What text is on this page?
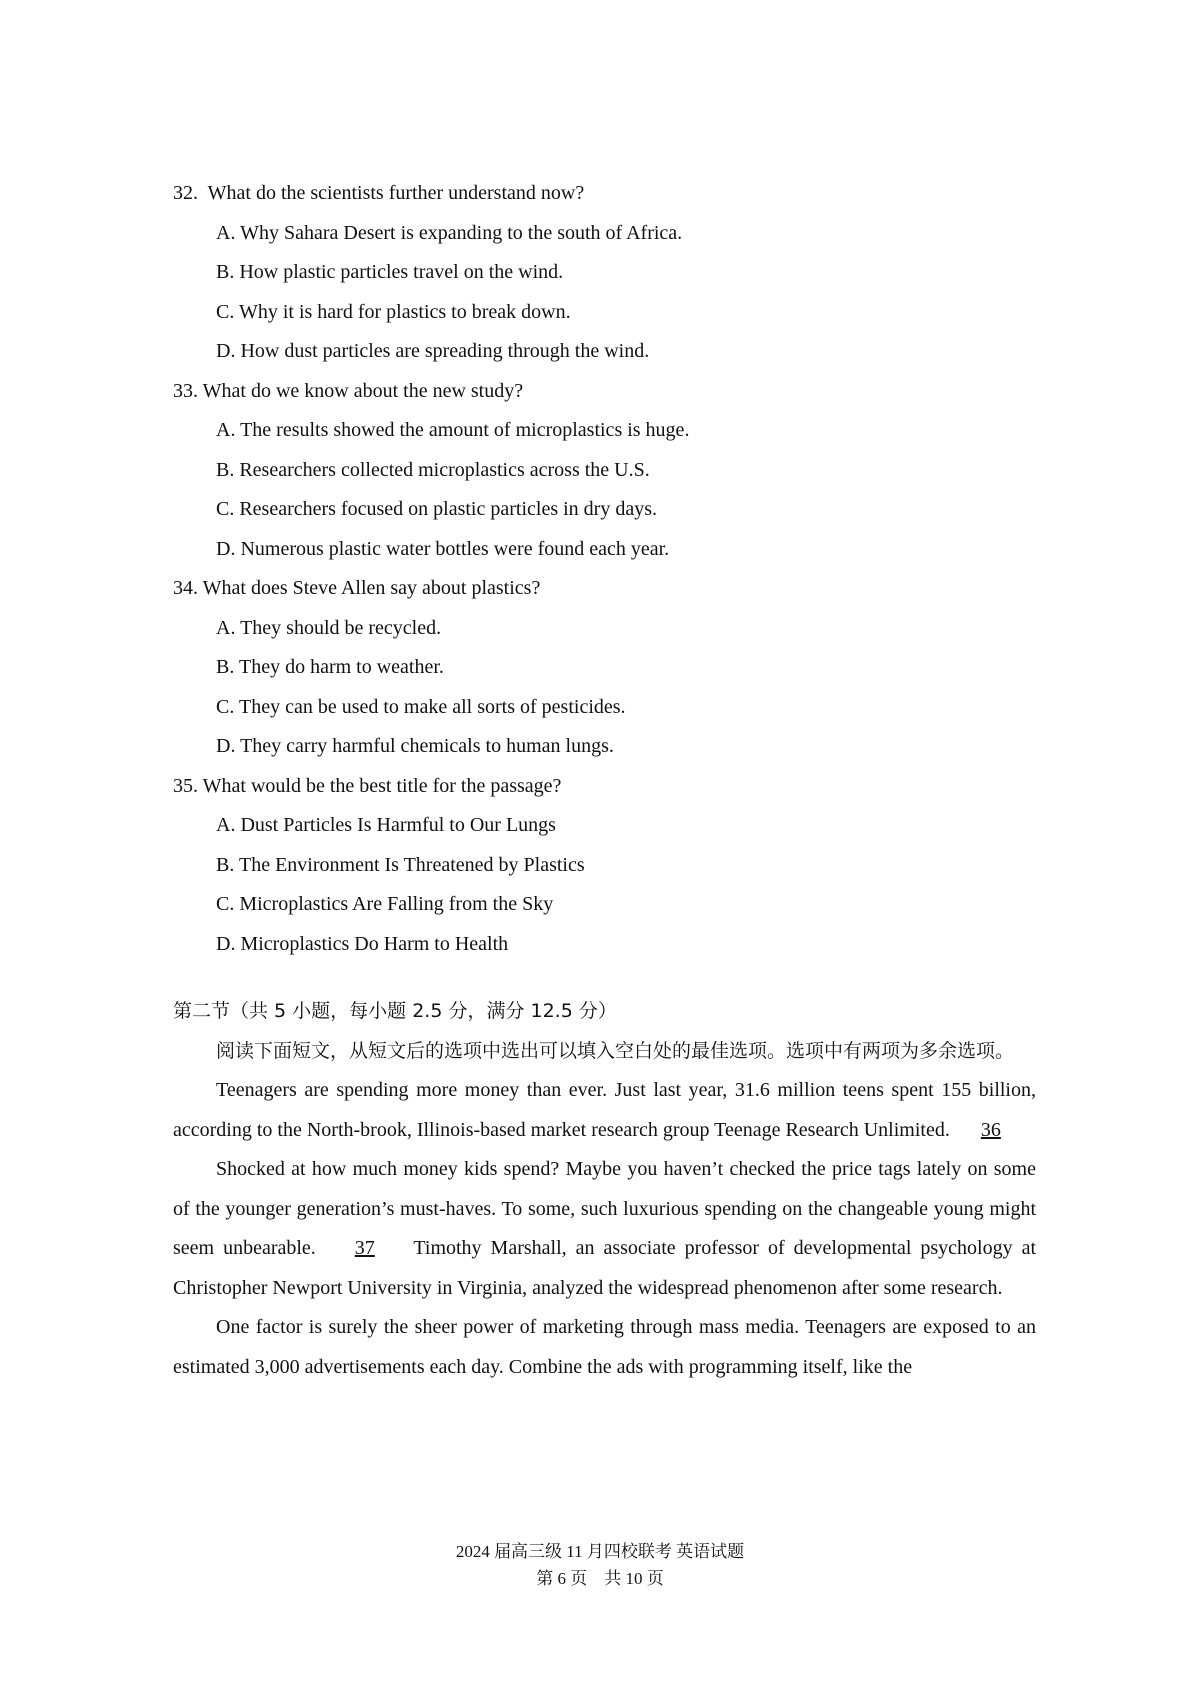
32. What do the scientists further understand now?
A. Why Sahara Desert is expanding to the south of Africa.
B. How plastic particles travel on the wind.
C. Why it is hard for plastics to break down.
D. How dust particles are spreading through the wind.
33. What do we know about the new study?
A. The results showed the amount of microplastics is huge.
B. Researchers collected microplastics across the U.S.
C. Researchers focused on plastic particles in dry days.
D. Numerous plastic water bottles were found each year.
34. What does Steve Allen say about plastics?
A. They should be recycled.
B. They do harm to weather.
C. They can be used to make all sorts of pesticides.
D. They carry harmful chemicals to human lungs.
35. What would be the best title for the passage?
A. Dust Particles Is Harmful to Our Lungs
B. The Environment Is Threatened by Plastics
C. Microplastics Are Falling from the Sky
D. Microplastics Do Harm to Health
第二节（共 5 小题，每小题 2.5 分，满分 12.5 分）

阅读下面短文，从短文后的选项中选出可以填入空白处的最佳选项。选项中有两项为多余选项。

Teenagers are spending more money than ever. Just last year, 31.6 million teens spent 155 billion, according to the North-brook, Illinois-based market research group Teenage Research Unlimited. 36

Shocked at how much money kids spend? Maybe you haven’t checked the price tags lately on some of the younger generation’s must-haves. To some, such luxurious spending on the changeable young might seem unbearable. 37 Timothy Marshall, an associate professor of developmental psychology at Christopher Newport University in Virginia, analyzed the widespread phenomenon after some research.

One factor is surely the sheer power of marketing through mass media. Teenagers are exposed to an estimated 3,000 advertisements each day. Combine the ads with programming itself, like the

2024 届高三级 11 月四校联考 英语试题
第 6 页　共 10 页
